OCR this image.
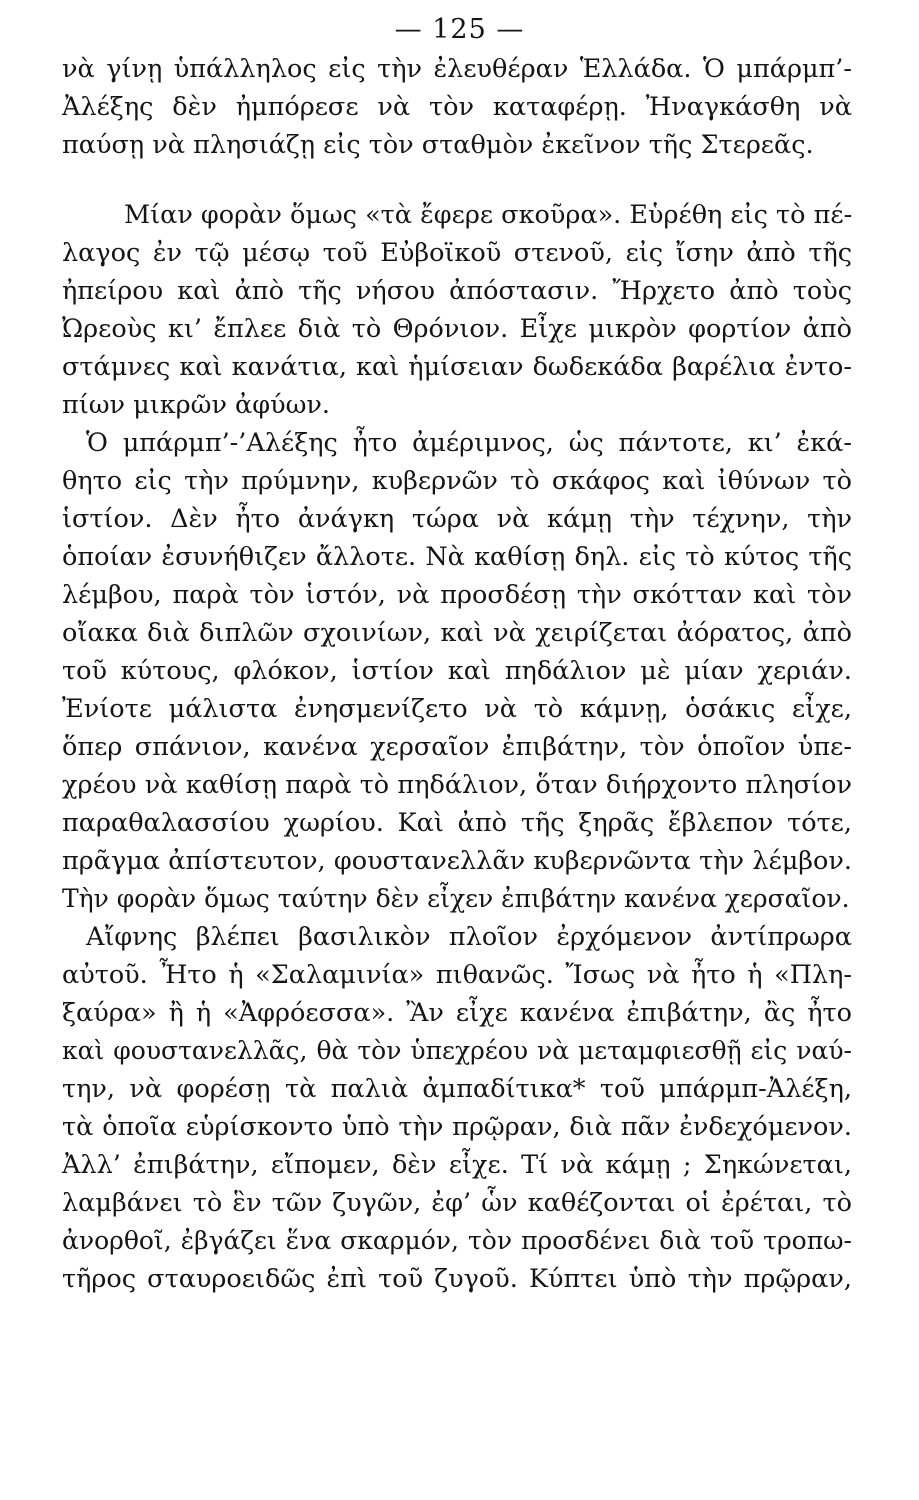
— 125 —
νὰ γίνῃ ὑπάλληλος εἰς τὴν ἐλευθέραν Ἑλλάδα. Ὁ μπάρμπ’-
Ἀλέξης δὲν ἠμπόρεσε νὰ τὸν καταφέρῃ. Ἠναγκάσθη νὰ
παύσῃ νὰ πλησιάζῃ εἰς τὸν σταθμὸν ἐκεῖνον τῆς Στερεᾶς.
Μίαν φορὰν ὅμως «τὰ ἔφερε σκοῦρα». Εὑρέθη εἰς τὸ πέ-
λαγος ἐν τῷ μέσῳ τοῦ Εὐβοϊκοῦ στενοῦ, εἰς ἴσην ἀπὸ τῆς
ἠπείρου καὶ ἀπὸ τῆς νήσου ἀπόστασιν. Ἤρχετο ἀπὸ τοὺς
Ὠρεοὺς κι’ ἔπλεε διὰ τὸ Θρόνιον. Εἶχε μικρὸν φορτίον ἀπὸ
στάμνες καὶ κανάτια, καὶ ἡμίσειαν δωδεκάδα βαρέλια ἐντο-
πίων μικρῶν ἀφύων.
Ὁ μπάρμπ’-’Αλέξης ἦτο ἀμέριμνος, ὡς πάντοτε, κι’ ἐκά-
θητο εἰς τὴν πρύμνην, κυβερνῶν τὸ σκάφος καὶ ἰθύνων τὸ
ἱστίον. Δὲν ἦτο ἀνάγκη τώρα νὰ κάμῃ τὴν τέχνην, τὴν
ὁποίαν ἐσυνήθιζεν ἄλλοτε. Νὰ καθίσῃ δηλ. εἰς τὸ κύτος τῆς
λέμβου, παρὰ τὸν ἱστόν, νὰ προσδέσῃ τὴν σκότταν καὶ τὸν
οἴακα διὰ διπλῶν σχοινίων, καὶ νὰ χειρίζεται ἀόρατος, ἀπὸ
τοῦ κύτους, φλόκον, ἱστίον καὶ πηδάλιον μὲ μίαν χεριάν.
Ἐνίοτε μάλιστα ἐνησμενίζετο νὰ τὸ κάμνῃ, ὁσάκις εἶχε,
ὅπερ σπάνιον, κανένα χερσαῖον ἐπιβάτην, τὸν ὁποῖον ὑπε-
χρέου νὰ καθίσῃ παρὰ τὸ πηδάλιον, ὅταν διήρχοντο πλησίον
παραθαλασσίου χωρίου. Καὶ ἀπὸ τῆς ξηρᾶς ἔβλεπον τότε,
πρᾶγμα ἀπίστευτον, φουστανελλᾶν κυβερνῶντα τὴν λέμβον.
Τὴν φορὰν ὅμως ταύτην δὲν εἶχεν ἐπιβάτην κανένα χερσαῖον.
Αἴφνης βλέπει βασιλικὸν πλοῖον ἐρχόμενον ἀντίπρωρα
αὐτοῦ. Ἦτο ἡ «Σαλαμινία» πιθανῶς. Ἴσως νὰ ἦτο ἡ «Πλη-
ξαύρα» ἢ ἡ «Ἀφρόεσσα». Ἂν εἶχε κανένα ἐπιβάτην, ἂς ἦτο
καὶ φουστανελλᾶς, θὰ τὸν ὑπεχρέου νὰ μεταμφιεσθῇ εἰς ναύ-
την, νὰ φορέσῃ τὰ παλιὰ ἀμπαδίτικα* τοῦ μπάρμπ-Ἀλέξη,
τὰ ὁποῖα εὑρίσκοντο ὑπὸ τὴν πρῷραν, διὰ πᾶν ἐνδεχόμενον.
Ἀλλ’ ἐπιβάτην, εἴπομεν, δὲν εἶχε. Τί νὰ κάμῃ ; Σηκώνεται,
λαμβάνει τὸ ἓν τῶν ζυγῶν, ἐφ’ ὧν καθέζονται οἱ ἐρέται, τὸ
ἀνορθοῖ, ἐβγάζει ἕνα σκαρμόν, τὸν προσδένει διὰ τοῦ τροπω-
τῆρος σταυροειδῶς ἐπὶ τοῦ ζυγοῦ. Κύπτει ὑπὸ τὴν πρῷραν,
